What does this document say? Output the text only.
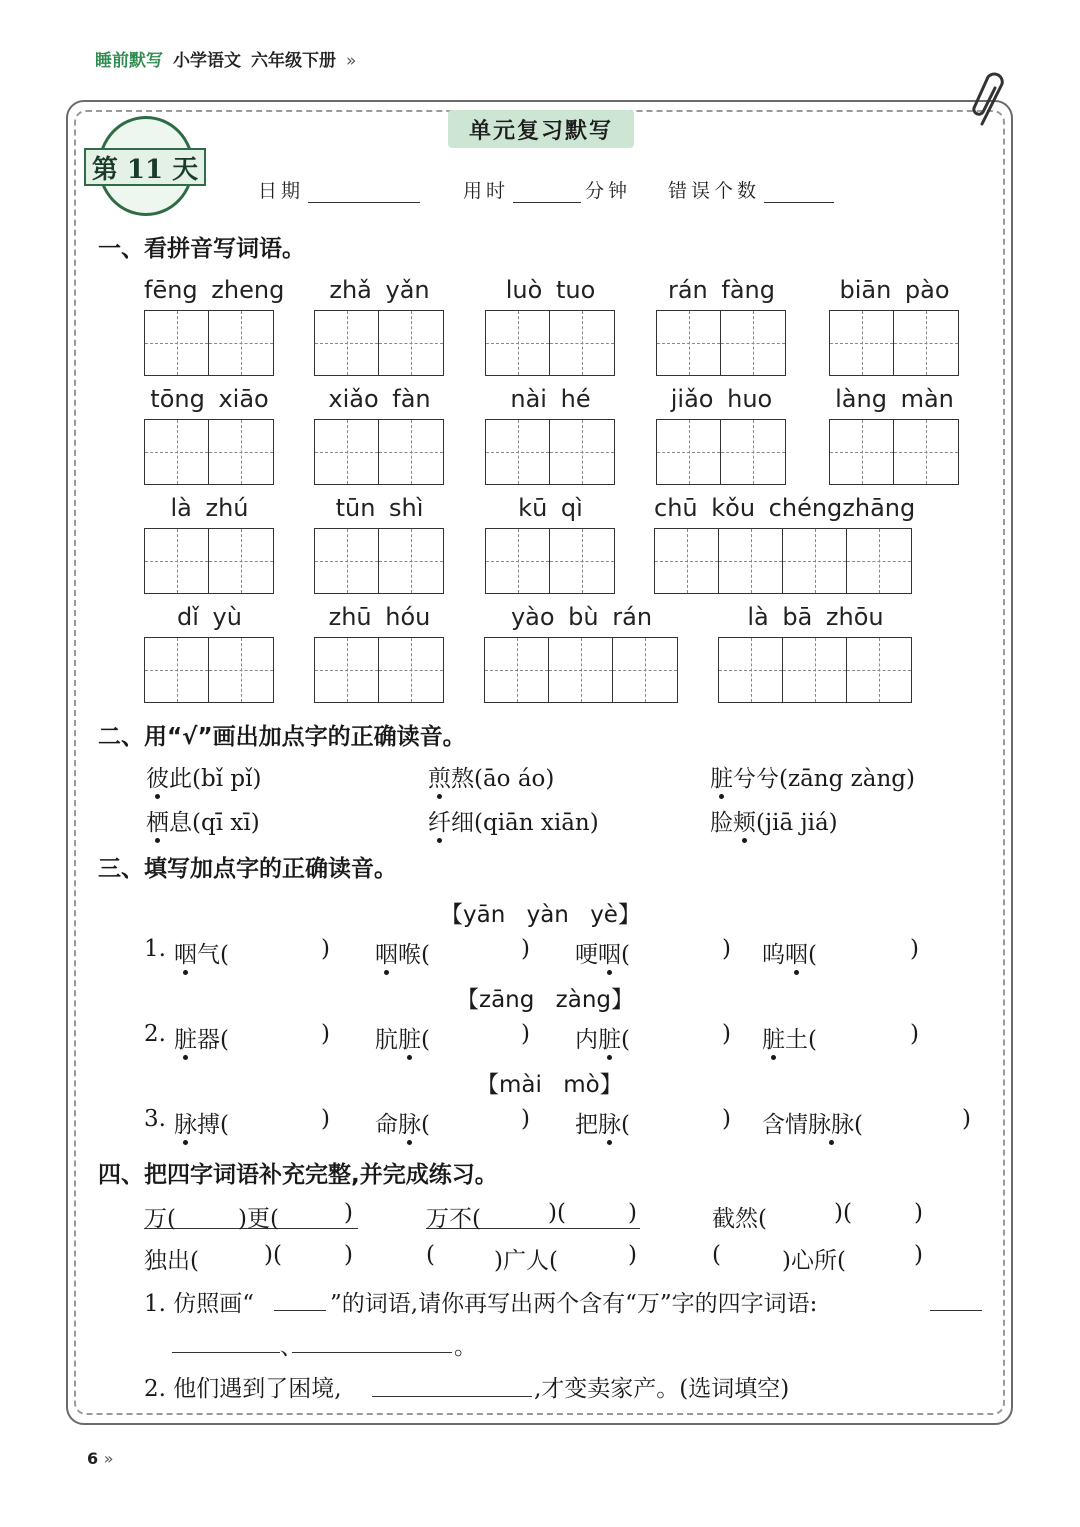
睡前默写 小学语文 六年级下册 »
单元复习默写
第 11 天
日期	用时	分钟 错误个数
一、看拼音写词语。
fēng zheng	zhǎ yǎn	luò tuo	rán fàng	biān pào
tōng xiāo	xiǎo fàn	nài hé	jiǎo huo	làng màn
là zhú	tūn shì	kū qì	chū kǒu chéngzhāng
dǐ yù	zhū hóu	yào bù rán	là bā zhōu
二、用“√”画出加点字的正确读音。
彼此(bǐ pǐ)	煎熬(āo áo)	脏兮兮(zāng zàng)
栖息(qī xī)	纤细(qiān xiān)	脸颊(jiā jiá)
三、填写加点字的正确读音。
【yān yàn yè】
1. 咽气(	) 咽喉(	) 哽咽(	) 呜咽(	)
【zāng zàng】
2. 脏器(	) 肮脏(	) 内脏(	) 脏土(	)
【mài mò】
3. 脉搏(	) 命脉(	) 把脉(	) 含情脉脉(	)
四、把四字词语补充完整,并完成练习。
万(	)更(	)	万不(	)(	)	截然(	)(	)
独出(	)(	)	(	)广人(	)	(	)心所(	)
1. 仿照画“	”的词语,请你再写出两个含有“万”字的四字词语:
、	。
2. 他们遇到了困境,	,才变卖家产。(选词填空)
6 »
